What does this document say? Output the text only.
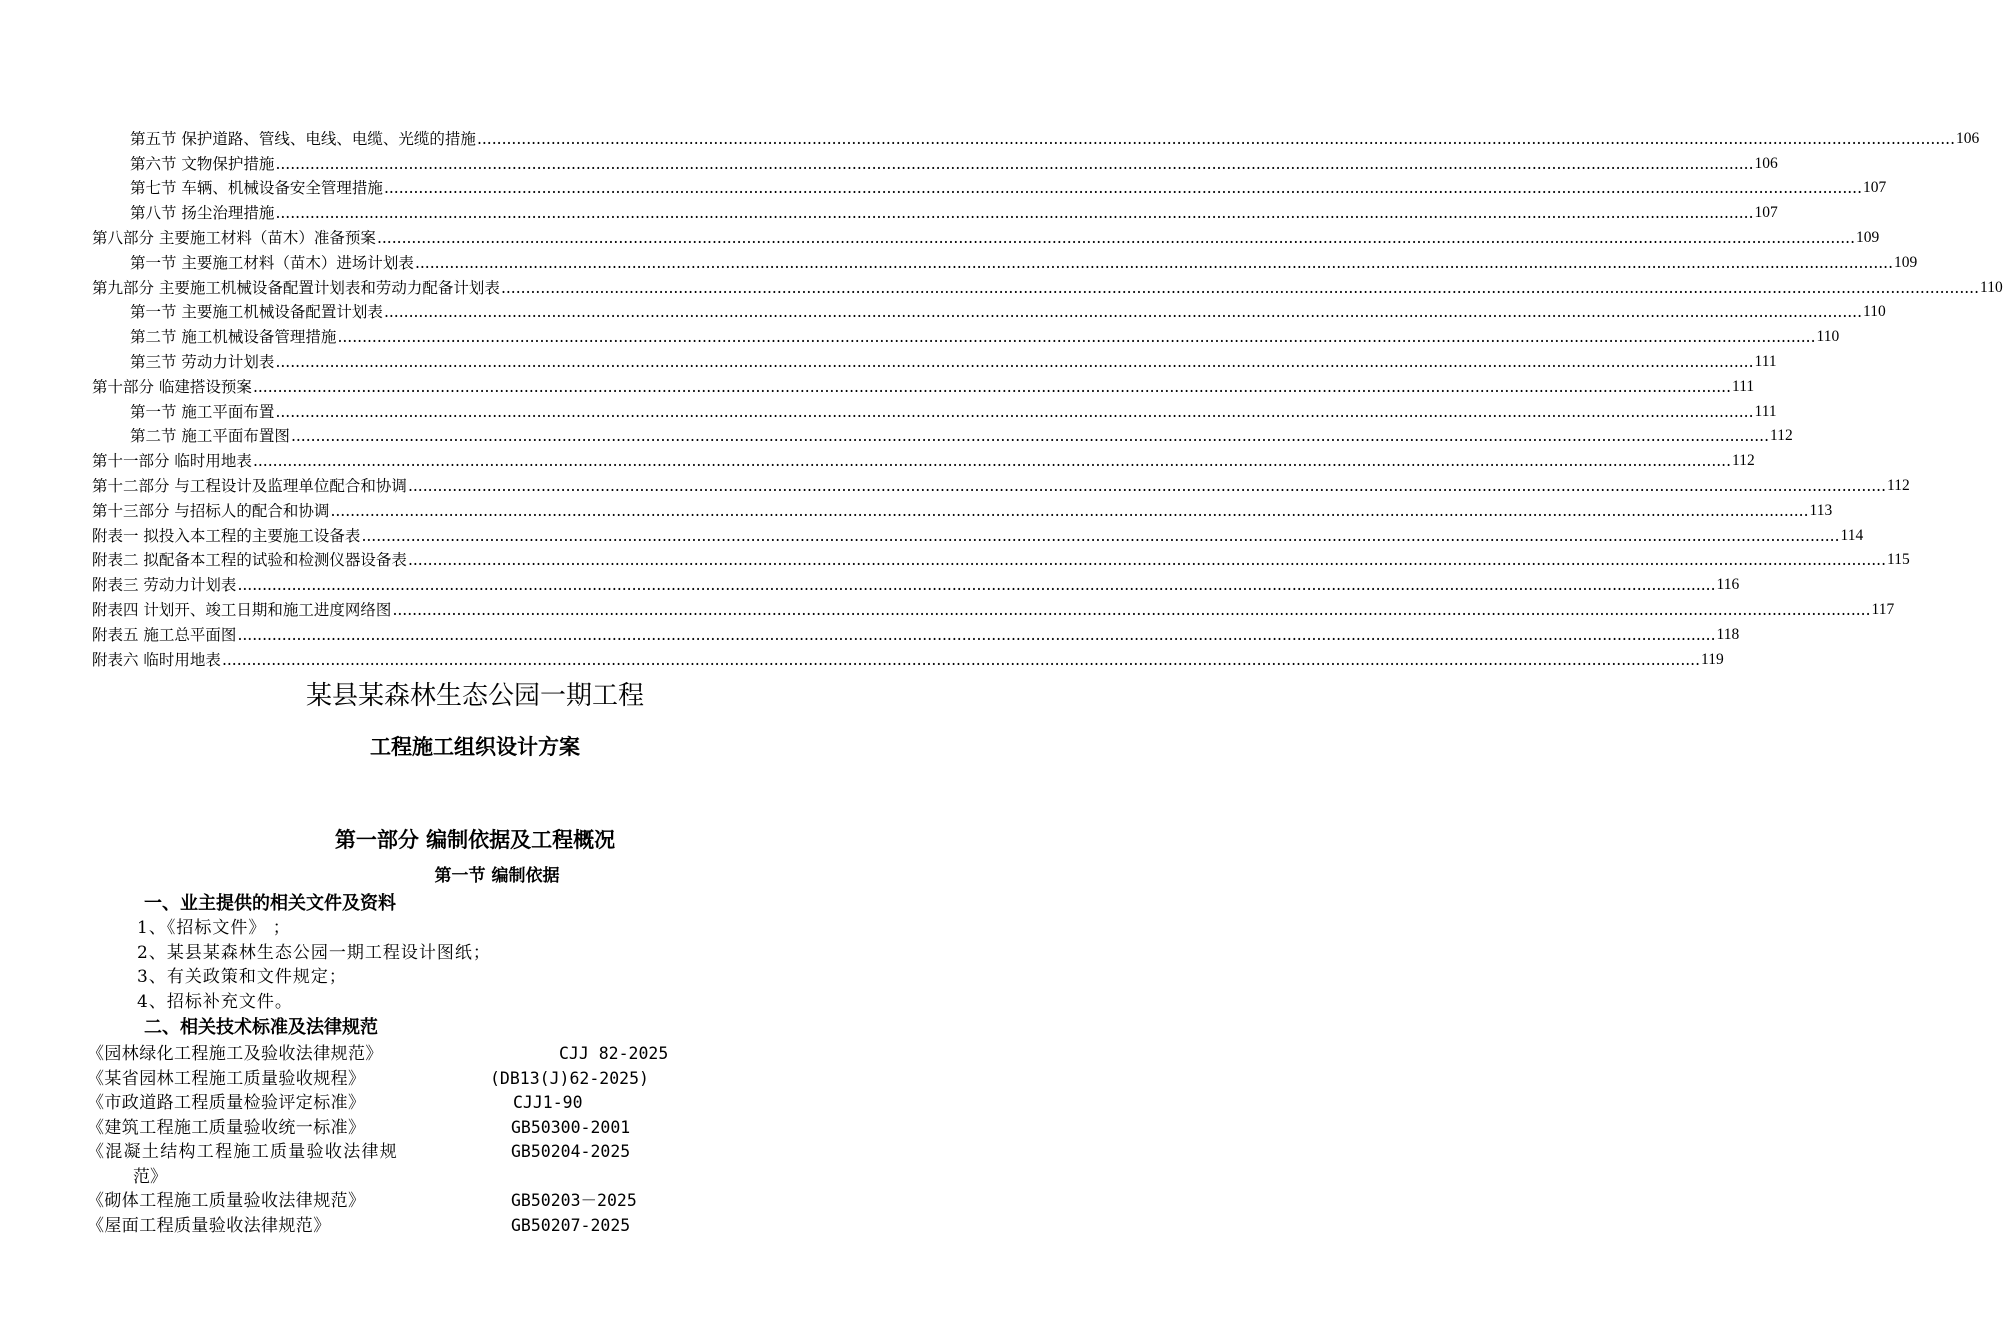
第五节 保护道路、管线、电线、电缆、光缆的措施 ............................................................................................................................................................................................................................................................................................................ 106
第六节 文物保护措施 ............................................................................................................................................................................................................................................................................................................ 106
第七节 车辆、机械设备安全管理措施 ............................................................................................................................................................................................................................................................................................................ 107
第八节 扬尘治理措施 ............................................................................................................................................................................................................................................................................................................ 107
第八部分 主要施工材料（苗木）准备预案 ............................................................................................................................................................................................................................................................................................................ 109
第一节 主要施工材料（苗木）进场计划表 ............................................................................................................................................................................................................................................................................................................ 109
第九部分 主要施工机械设备配置计划表和劳动力配备计划表 ............................................................................................................................................................................................................................................................................................................ 110
第一节 主要施工机械设备配置计划表 ............................................................................................................................................................................................................................................................................................................ 110
第二节 施工机械设备管理措施 ............................................................................................................................................................................................................................................................................................................ 110
第三节 劳动力计划表 ............................................................................................................................................................................................................................................................................................................ 111
第十部分 临建搭设预案 ............................................................................................................................................................................................................................................................................................................ 111
第一节 施工平面布置 ............................................................................................................................................................................................................................................................................................................ 111
第二节 施工平面布置图 ............................................................................................................................................................................................................................................................................................................ 112
第十一部分 临时用地表 ............................................................................................................................................................................................................................................................................................................ 112
第十二部分 与工程设计及监理单位配合和协调 ............................................................................................................................................................................................................................................................................................................ 112
第十三部分 与招标人的配合和协调 ............................................................................................................................................................................................................................................................................................................ 113
附表一 拟投入本工程的主要施工设备表 ............................................................................................................................................................................................................................................................................................................ 114
附表二 拟配备本工程的试验和检测仪器设备表 ............................................................................................................................................................................................................................................................................................................ 115
附表三 劳动力计划表 ............................................................................................................................................................................................................................................................................................................ 116
附表四 计划开、竣工日期和施工进度网络图 ............................................................................................................................................................................................................................................................................................................ 117
附表五 施工总平面图 ............................................................................................................................................................................................................................................................................................................ 118
附表六 临时用地表 ............................................................................................................................................................................................................................................................................................................ 119
某县某森林生态公园一期工程
工程施工组织设计方案
第一部分 编制依据及工程概况
第一节 编制依据
一、业主提供的相关文件及资料
1、《招标文件》 ；
2、某县某森林生态公园一期工程设计图纸；
3、有关政策和文件规定；
4、招标补充文件。
二、相关技术标准及法律规范
《园林绿化工程施工及验收法律规范》	CJJ 82-2025
《某省园林工程施工质量验收规程》	(DB13(J)62-2025)
《市政道路工程质量检验评定标准》	CJJ1-90
《建筑工程施工质量验收统一标准》	GB50300-2001
《混凝土结构工程施工质量验收法律规	GB50204-2025
范》
《砌体工程施工质量验收法律规范》	GB50203－2025
《屋面工程质量验收法律规范》	GB50207-2025
